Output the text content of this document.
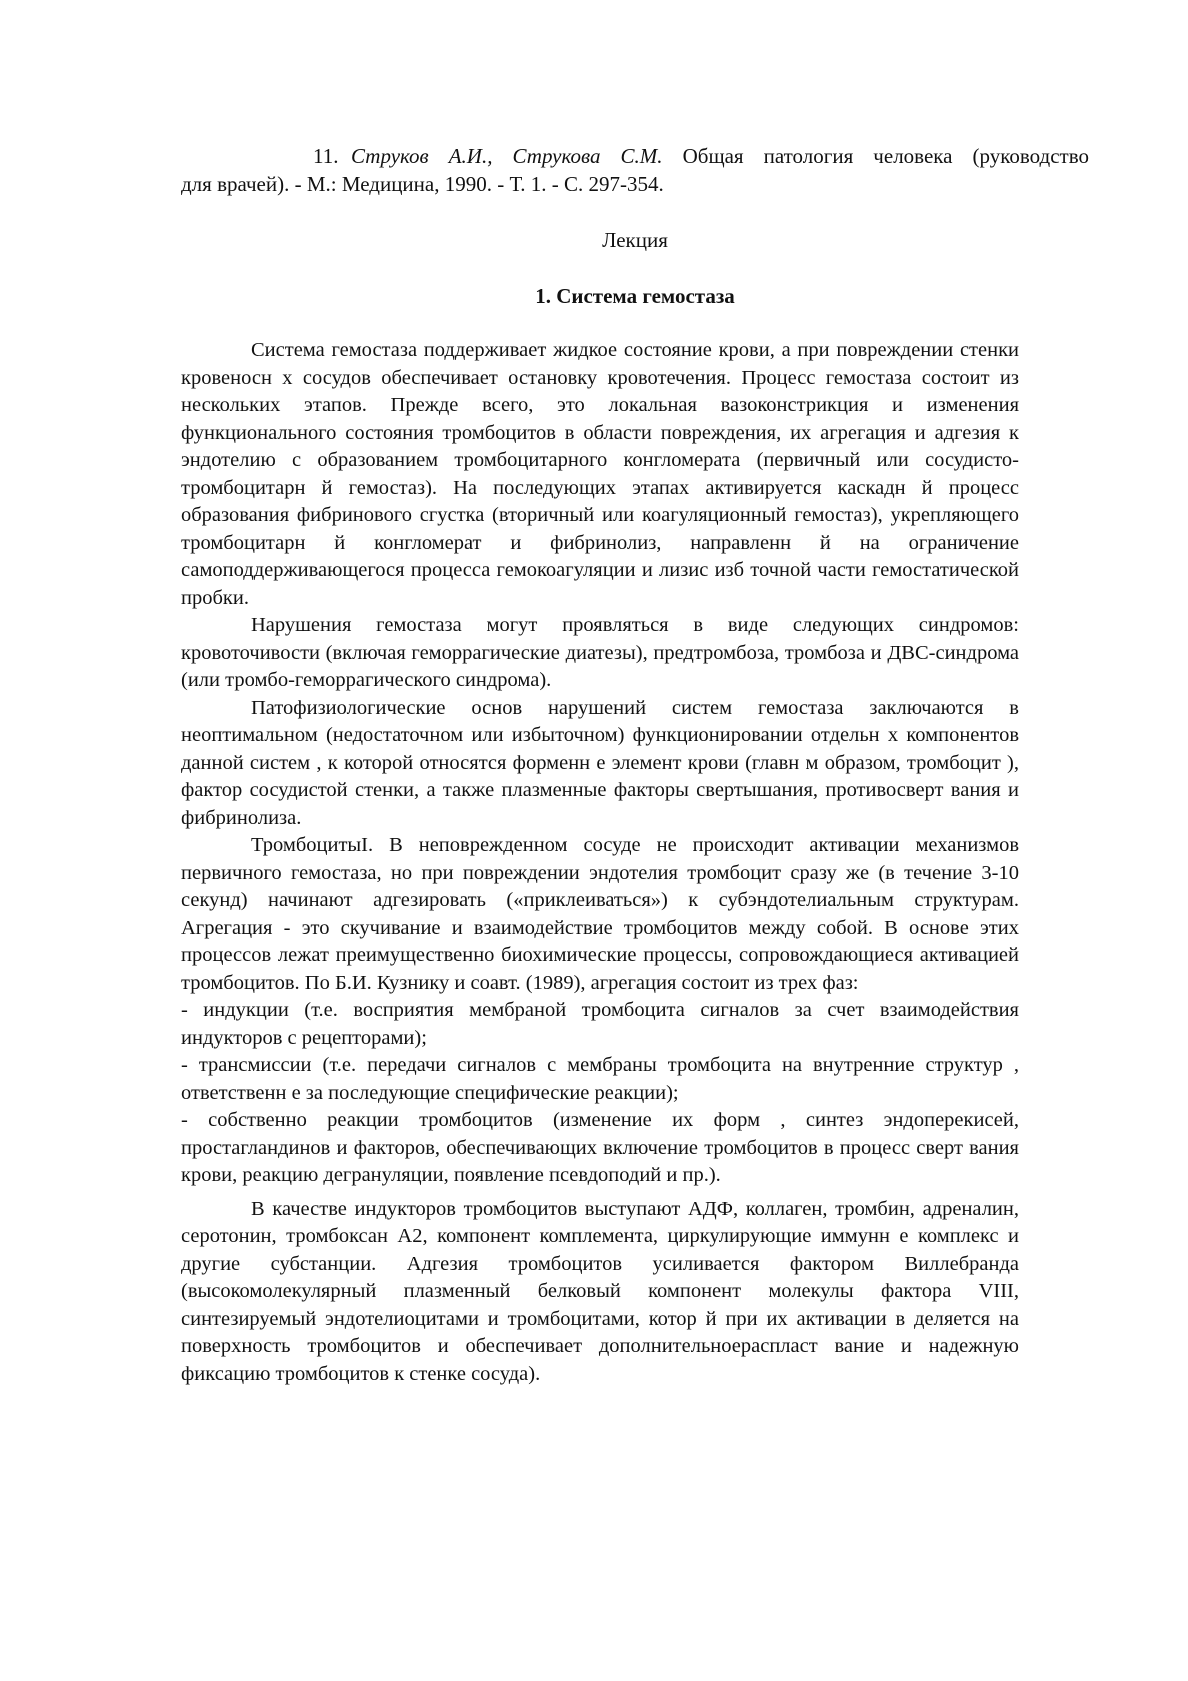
11. Струков А.И., Струкова С.М. Общая патология человека (руководство
для врачей). - М.: Медицина, 1990. - Т. 1. - С. 297-354.

Лекция

1. Система гемостаза

Система гемостаза поддерживает жидкое состояние крови, а при повреждении стенки кровеносн х сосудов обеспечивает остановку кровотечения. Процесс гемостаза состоит из нескольких этапов. Прежде всего, это локальная вазоконстрикция и изменения функционального состояния тромбоцитов в области повреждения, их агрегация и адгезия к эндотелию с образованием тромбоцитарного конгломерата (первичный или сосудисто-тромбоцитарн й гемостаз). На последующих этапах активируется каскадн й процесс образования фибринового сгустка (вторичный или коагуляционный гемостаз), укрепляющего тромбоцитарн й конгломерат и фибринолиз, направленн й на ограничение самоподдерживающегося процесса гемокоагуляции и лизис изб точной части гемостатической пробки.

Нарушения гемостаза могут проявляться в виде следующих синдромов: кровоточивости (включая геморрагические диатезы), предтромбоза, тромбоза и ДВС-синдрома (или тромбо-геморрагического синдрома).

Патофизиологические основ нарушений систем гемостаза заключаются в неоптимальном (недостаточном или избыточном) функционировании отдельн х компонентов данной систем , к которой относятся форменн е элемент крови (главн м образом, тромбоцит ), фактор сосудистой стенки, а также плазменные факторы свертышания, противосверт вания и фибринолиза.

ТромбоцитыI. В неповрежденном сосуде не происходит активации механизмов первичного гемостаза, но при повреждении эндотелия тромбоцит сразу же (в течение 3-10 секунд) начинают адгезировать («приклеиваться») к субэндотелиальным структурам. Агрегация - это скучивание и взаимодействие тромбоцитов между собой. В основе этих процессов лежат преимущественно биохимические процессы, сопровождающиеся активацией тромбоцитов. По Б.И. Кузнику и соавт. (1989), агрегация состоит из трех фаз:

- индукции (т.е. восприятия мембраной тромбоцита сигналов за счет взаимодействия индукторов с рецепторами);

- трансмиссии (т.е. передачи сигналов с мембраны тромбоцита на внутренние структур , ответственн е за последующие специфические реакции);

- собственно реакции тромбоцитов (изменение их форм , синтез эндоперекисей, простагландинов и факторов, обеспечивающих включение тромбоцитов в процесс сверт вания крови, реакцию дегрануляции, появление псевдоподий и пр.).

В качестве индукторов тромбоцитов выступают АДФ, коллаген, тромбин, адреналин, серотонин, тромбоксан А2, компонент комплемента, циркулирующие иммунн е комплекс и другие субстанции. Адгезия тромбоцитов усиливается фактором Виллебранда (высокомолекулярный плазменный белковый компонент молекулы фактора VIII, синтезируемый эндотелиоцитами и тромбоцитами, котор й при их активации в деляется на поверхность тромбоцитов и обеспечивает дополнительноераспласт вание и надежную фиксацию тромбоцитов к стенке сосуда).
